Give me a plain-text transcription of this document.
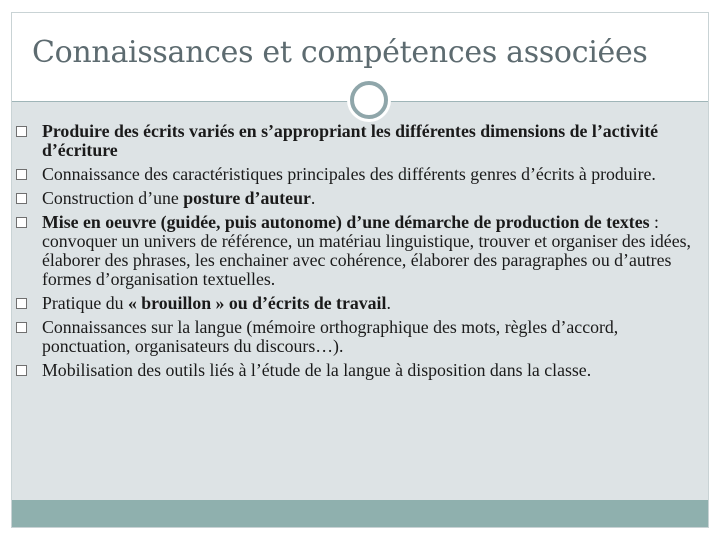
Connaissances et compétences associées
Produire des écrits variés en s’appropriant les différentes dimensions de l’activité d’écriture
Connaissance des caractéristiques principales des différents genres d’écrits à produire.
Construction d’une posture d’auteur.
Mise en oeuvre (guidée, puis autonome) d’une démarche de production de textes : convoquer un univers de référence, un matériau linguistique, trouver et organiser des idées, élaborer des phrases, les enchainer avec cohérence, élaborer des paragraphes ou d’autres formes d’organisation textuelles.
Pratique du « brouillon » ou d’écrits de travail.
Connaissances sur la langue (mémoire orthographique des mots, règles d’accord, ponctuation, organisateurs du discours…).
Mobilisation des outils liés à l’étude de la langue à disposition dans la classe.
